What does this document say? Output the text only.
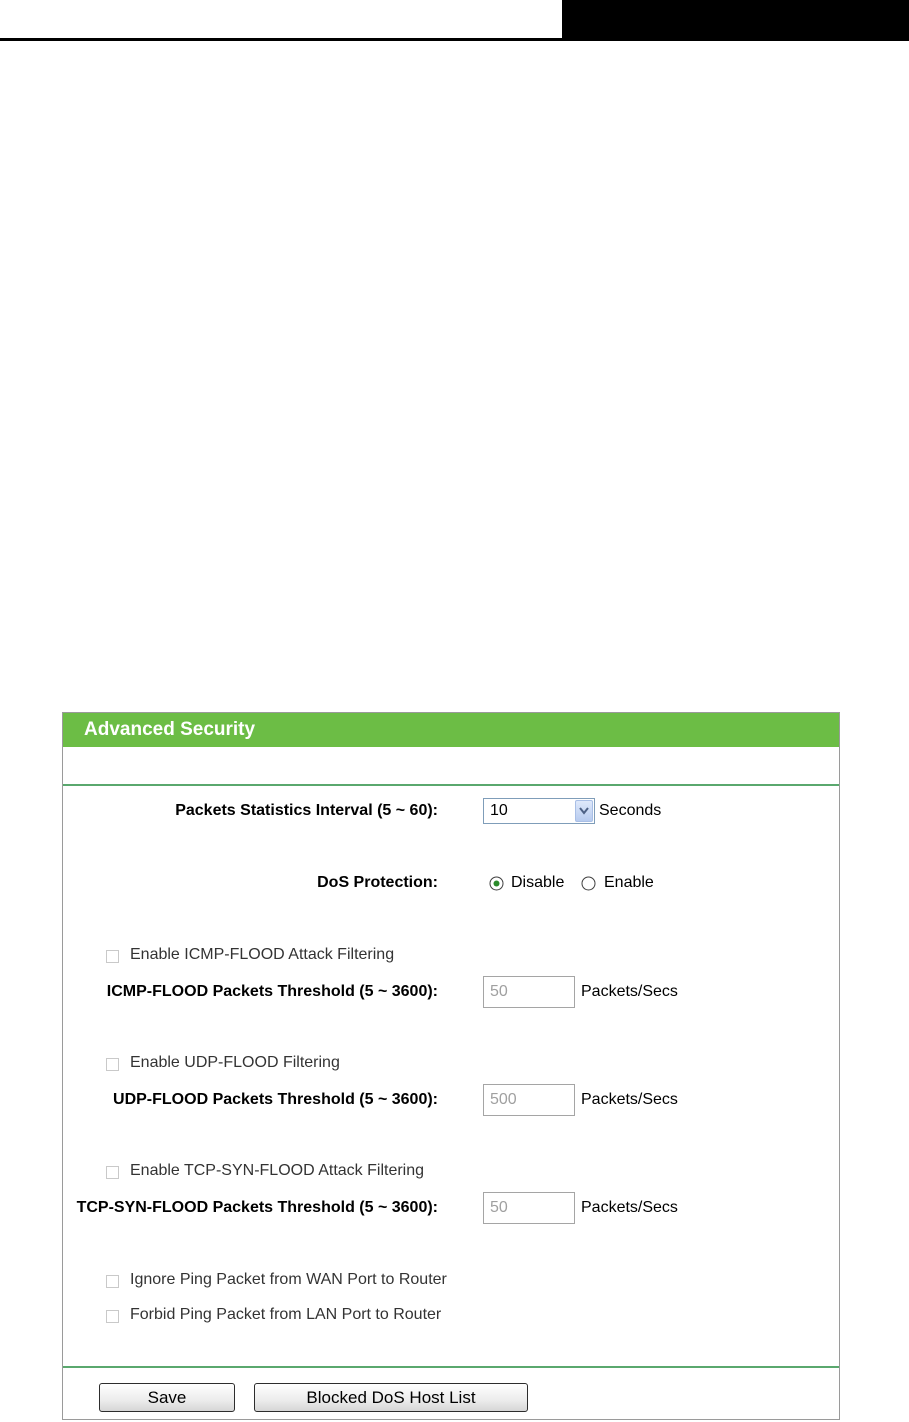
Advanced Security
Packets Statistics Interval (5 ~ 60):	10	Seconds
DoS Protection:	Disable Enable
Enable ICMP-FLOOD Attack Filtering
ICMP-FLOOD Packets Threshold (5 ~ 3600):
50	Packets/Secs
Enable UDP-FLOOD Filtering
UDP-FLOOD Packets Threshold (5 ~ 3600):
500	Packets/Secs
Enable TCP-SYN-FLOOD Attack Filtering
TCP-SYN-FLOOD Packets Threshold (5 ~ 3600):
50	Packets/Secs
Ignore Ping Packet from WAN Port to Router
Forbid Ping Packet from LAN Port to Router
Save	Blocked DoS Host List
